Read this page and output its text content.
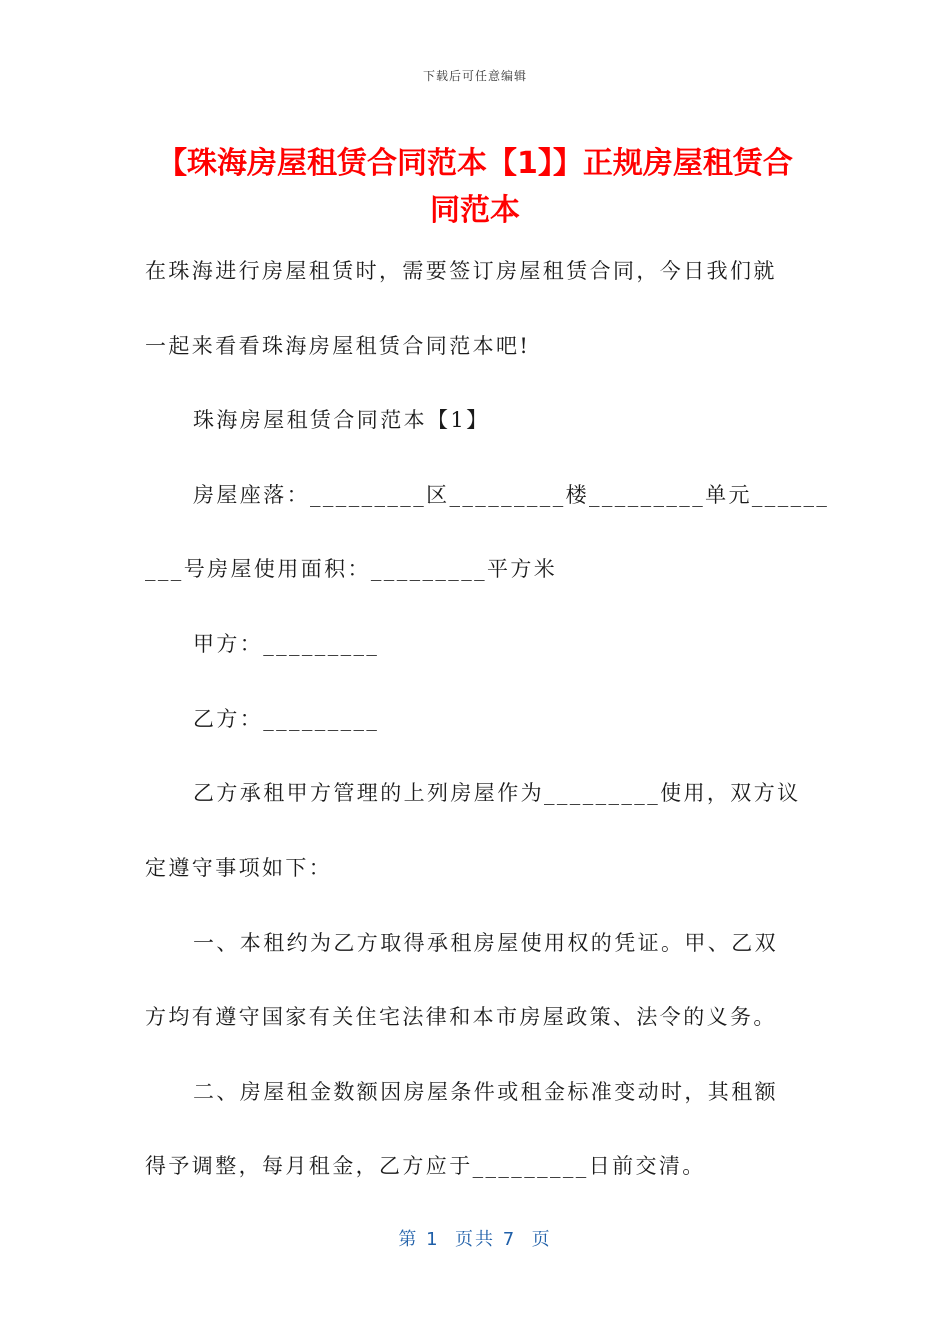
下载后可任意编辑
【珠海房屋租赁合同范本【1】】正规房屋租赁合同范本
在珠海进行房屋租赁时，需要签订房屋租赁合同，今日我们就
一起来看看珠海房屋租赁合同范本吧!
珠海房屋租赁合同范本【1】
房屋座落：_________区_________楼_________单元______
___号房屋使用面积：_________平方米
甲方：_________
乙方：_________
乙方承租甲方管理的上列房屋作为_________使用，双方议
定遵守事项如下：
一、本租约为乙方取得承租房屋使用权的凭证。甲、乙双
方均有遵守国家有关住宅法律和本市房屋政策、法令的义务。
二、房屋租金数额因房屋条件或租金标准变动时，其租额
得予调整，每月租金，乙方应于_________日前交清。
第 1  页共 7  页
